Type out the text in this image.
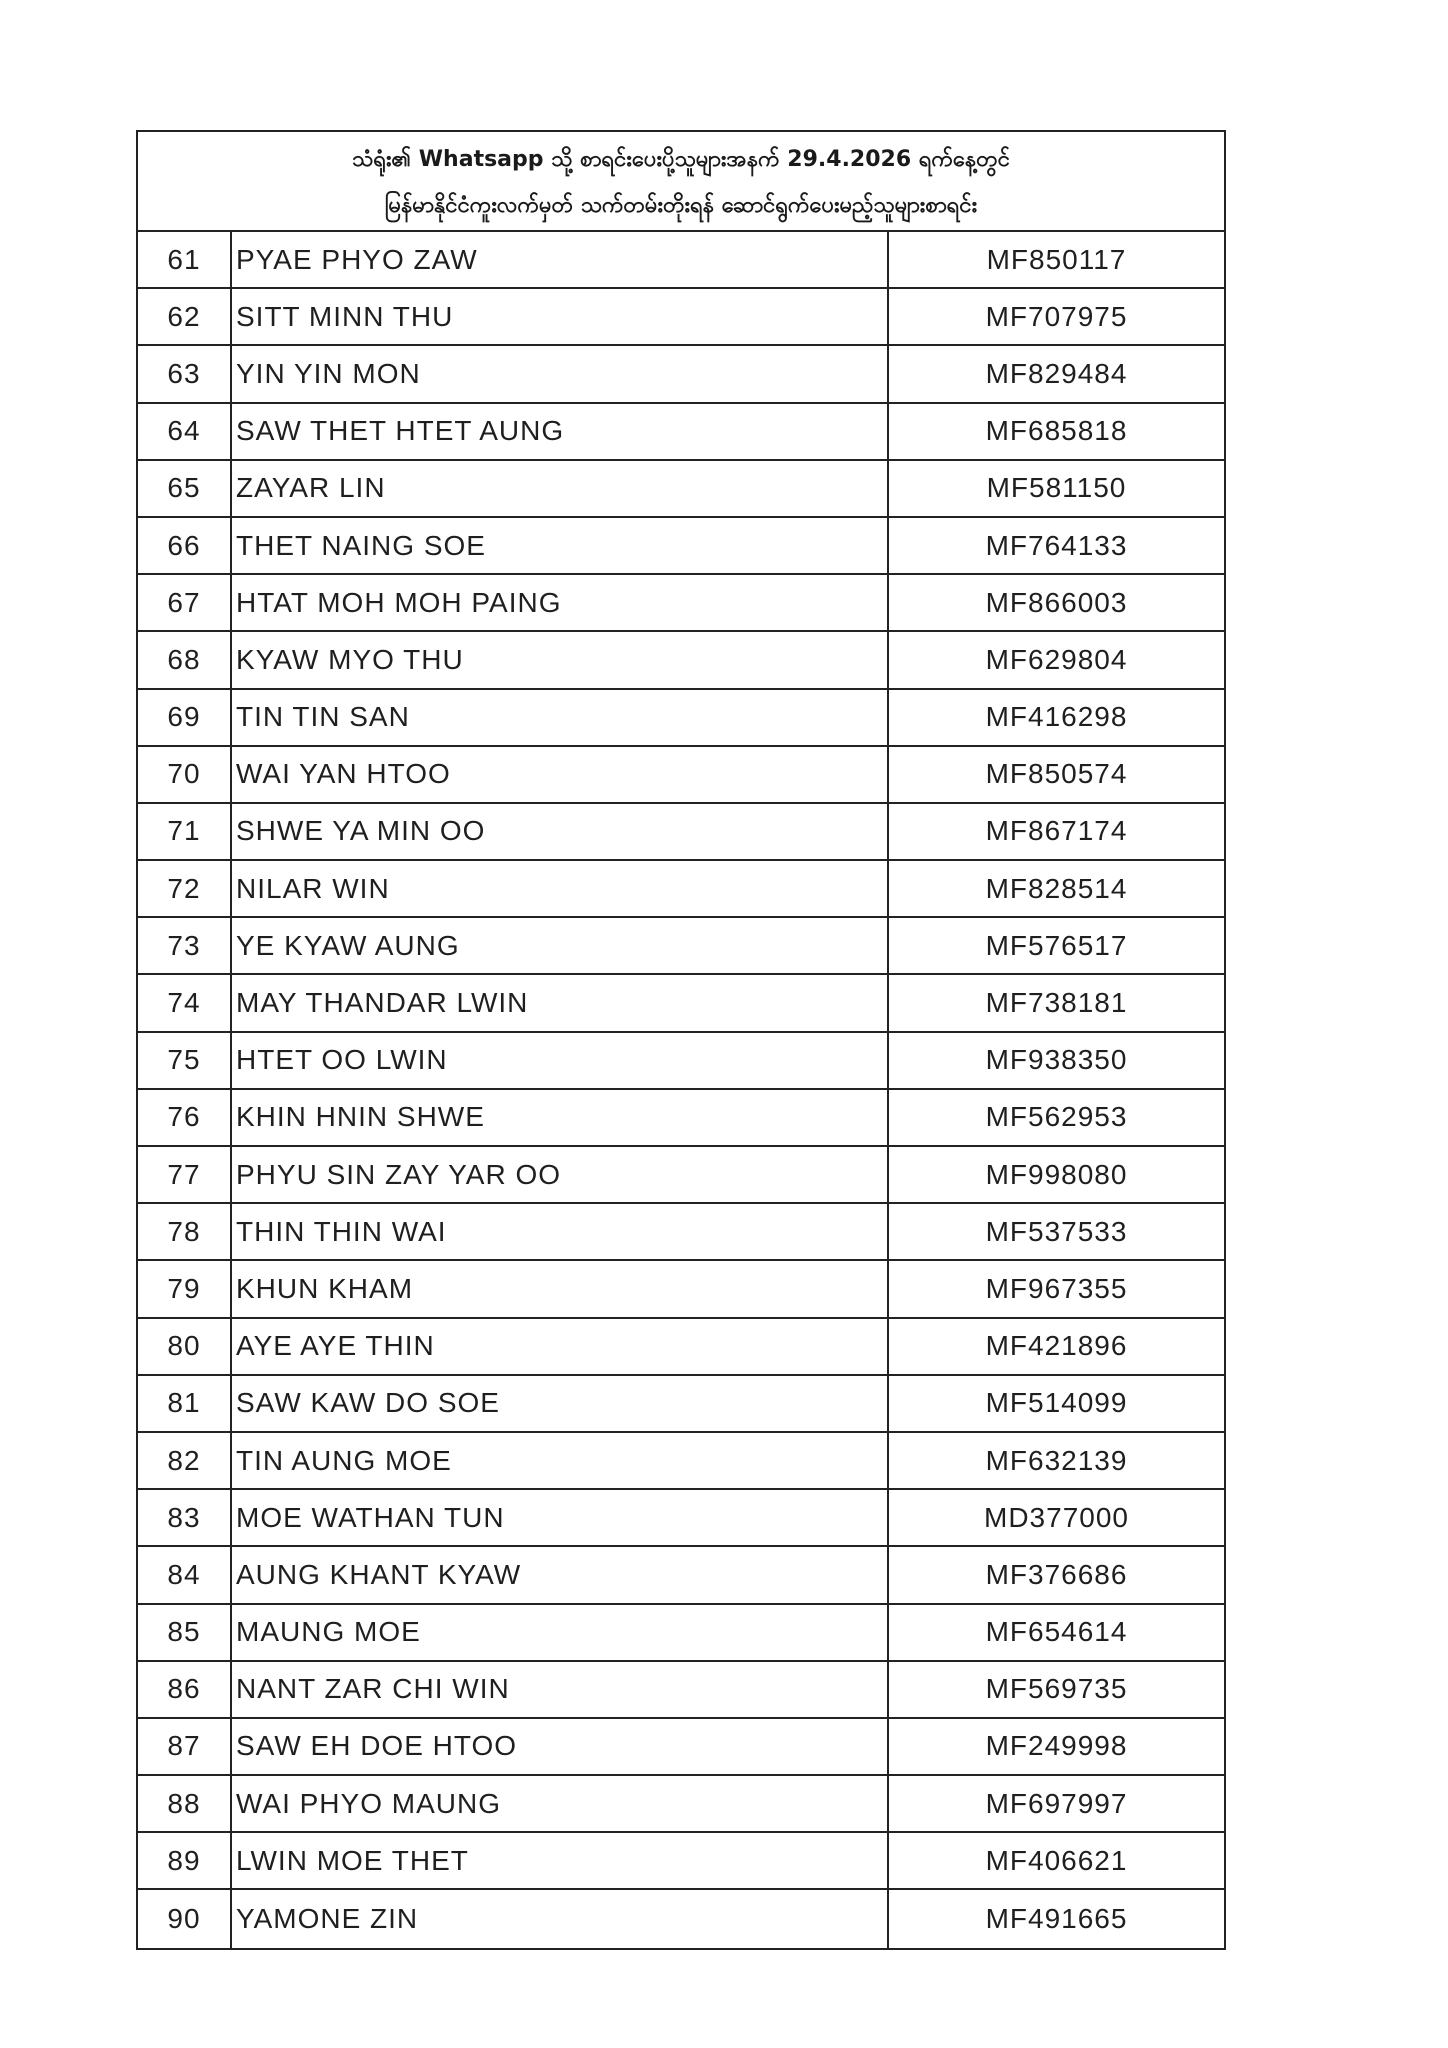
သံရုံး၏ Whatsapp သို့ စာရင်းပေးပို့သူများအနက် 29.4.2026 ရက်နေ့တွင်
မြန်မာနိုင်ငံကူးလက်မှတ် သက်တမ်းတိုးရန် ဆောင်ရွက်ပေးမည့်သူများစာရင်း
61	PYAE PHYO ZAW	MF850117
62	SITT MINN THU	MF707975
63	YIN YIN MON	MF829484
64	SAW THET HTET AUNG	MF685818
65	ZAYAR LIN	MF581150
66	THET NAING SOE	MF764133
67	HTAT MOH MOH PAING	MF866003
68	KYAW MYO THU	MF629804
69	TIN TIN SAN	MF416298
70	WAI YAN HTOO	MF850574
71	SHWE YA MIN OO	MF867174
72	NILAR WIN	MF828514
73	YE KYAW AUNG	MF576517
74	MAY THANDAR LWIN	MF738181
75	HTET OO LWIN	MF938350
76	KHIN HNIN SHWE	MF562953
77	PHYU SIN ZAY YAR OO	MF998080
78	THIN THIN WAI	MF537533
79	KHUN KHAM	MF967355
80	AYE AYE THIN	MF421896
81	SAW KAW DO SOE	MF514099
82	TIN AUNG MOE	MF632139
83	MOE WATHAN TUN	MD377000
84	AUNG KHANT KYAW	MF376686
85	MAUNG MOE	MF654614
86	NANT ZAR CHI WIN	MF569735
87	SAW EH DOE HTOO	MF249998
88	WAI PHYO MAUNG	MF697997
89	LWIN MOE THET	MF406621
90	YAMONE ZIN	MF491665
